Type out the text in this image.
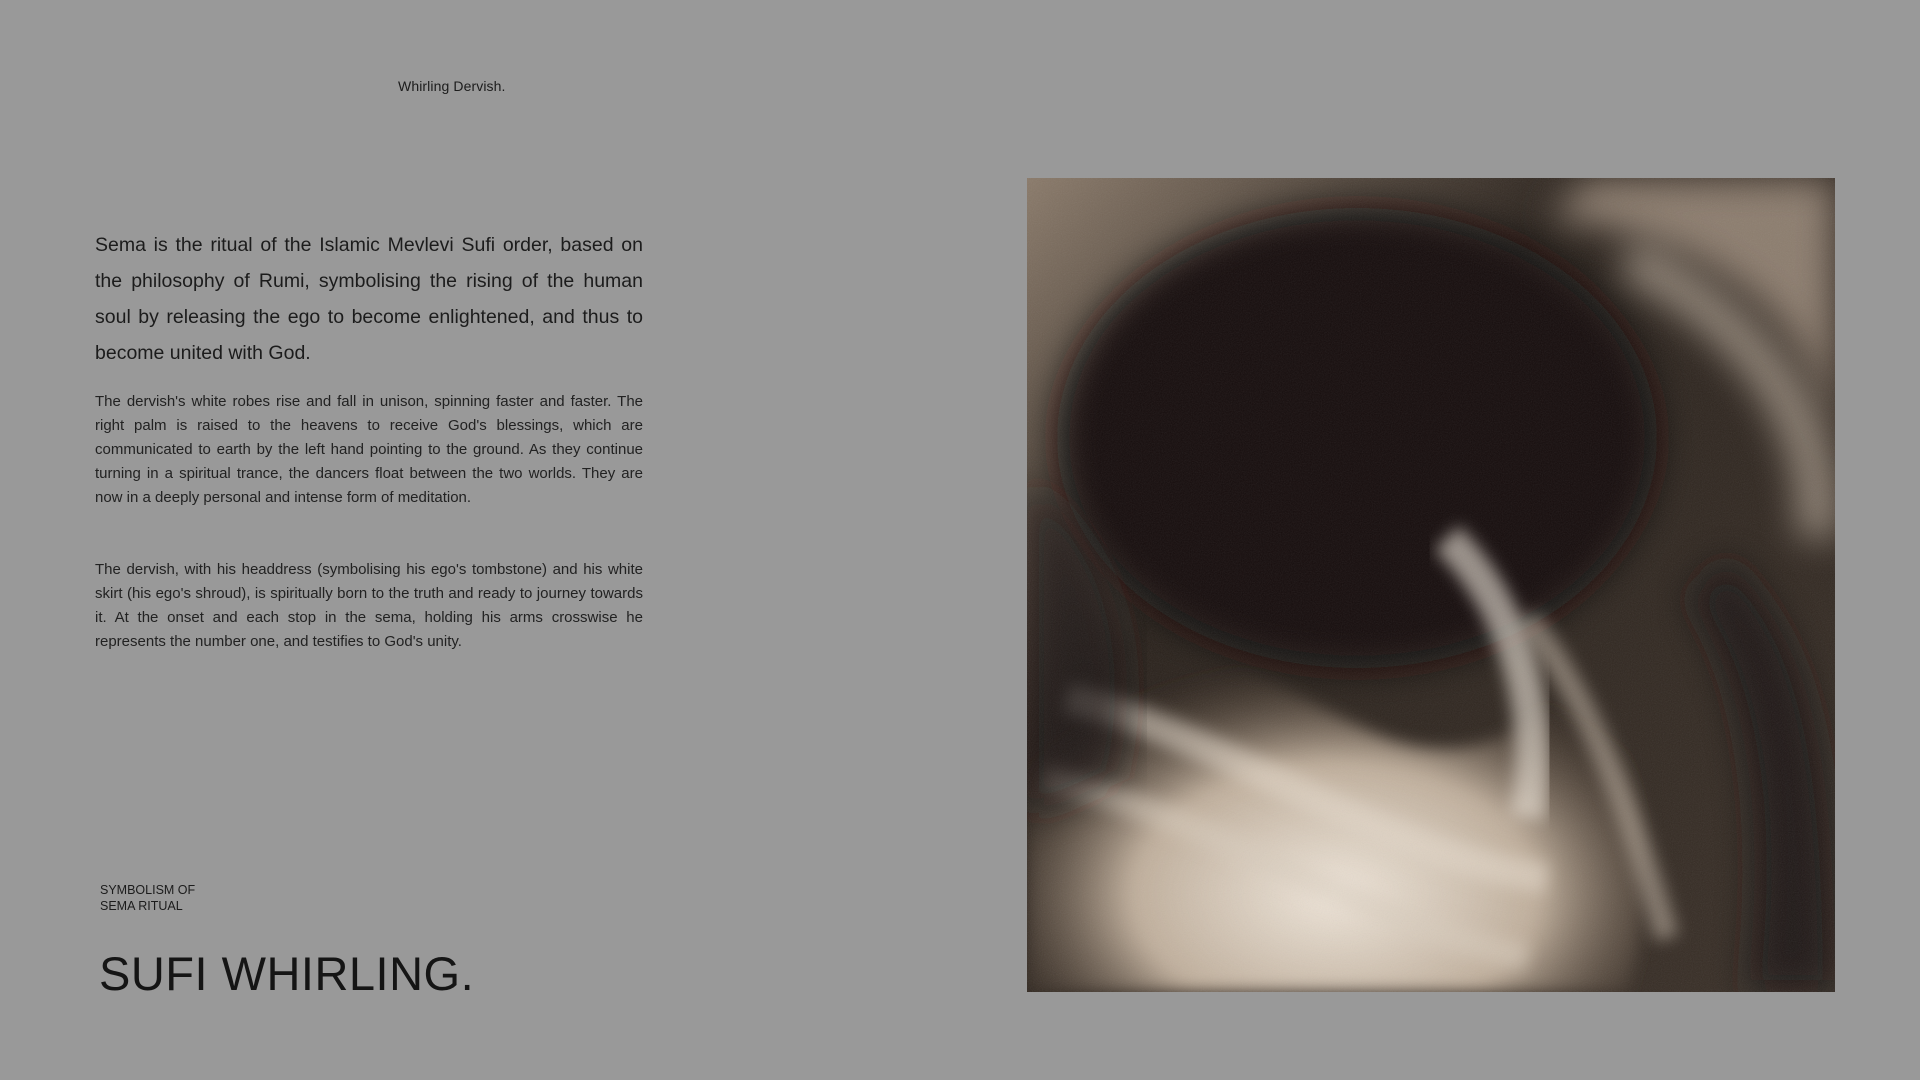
Whirling Dervish.

Sema is the ritual of the Islamic Mevlevi Sufi order, based on the philosophy of Rumi, symbolising the rising of the human soul by releasing the ego to become enlightened, and thus to become united with God.

The dervish's white robes rise and fall in unison, spinning faster and faster. The right palm is raised to the heavens to receive God's blessings, which are communicated to earth by the left hand pointing to the ground. As they continue turning in a spiritual trance, the dancers float between the two worlds. They are now in a deeply personal and intense form of meditation.

The dervish, with his headdress (symbolising his ego's tombstone) and his white skirt (his ego's shroud), is spiritually born to the truth and ready to journey towards it. At the onset and each stop in the sema, holding his arms crosswise he represents the number one, and testifies to God's unity.

SYMBOLISM OF
SEMA RITUAL
SUFI WHIRLING.
